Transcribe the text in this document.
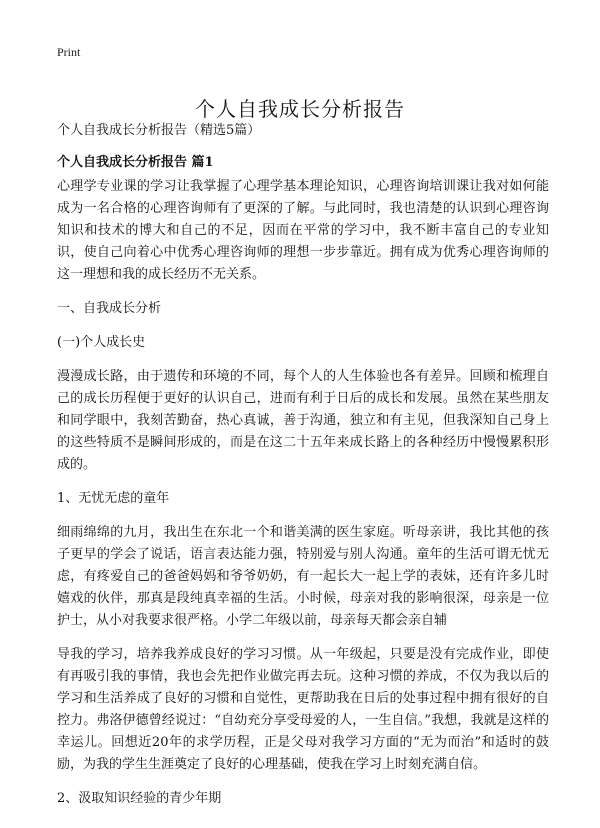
Print
个人自我成长分析报告

个人自我成长分析报告（精选5篇）

个人自我成长分析报告 篇1

心理学专业课的学习让我掌握了心理学基本理论知识，心理咨询培训课让我对如何能成为一名合格的心理咨询师有了更深的了解。与此同时，我也清楚的认识到心理咨询知识和技术的博大和自己的不足，因而在平常的学习中，我不断丰富自己的专业知识，使自己向着心中优秀心理咨询师的理想一步步靠近。拥有成为优秀心理咨询师的这一理想和我的成长经历不无关系。

一、自我成长分析

(一)个人成长史

漫漫成长路，由于遗传和环境的不同，每个人的人生体验也各有差异。回顾和梳理自己的成长历程便于更好的认识自己，进而有利于日后的成长和发展。虽然在某些朋友和同学眼中，我刻苦勤奋，热心真诚，善于沟通，独立和有主见，但我深知自己身上的这些特质不是瞬间形成的，而是在这二十五年来成长路上的各种经历中慢慢累积形成的。

1、无忧无虑的童年

细雨绵绵的九月，我出生在东北一个和谐美满的医生家庭。听母亲讲，我比其他的孩子更早的学会了说话，语言表达能力强，特别爱与别人沟通。童年的生活可谓无忧无虑，有疼爱自己的爸爸妈妈和爷爷奶奶，有一起长大一起上学的表妹，还有许多儿时嬉戏的伙伴，那真是段纯真幸福的生活。小时候，母亲对我的影响很深，母亲是一位护士，从小对我要求很严格。小学二年级以前，母亲每天都会亲自辅

导我的学习，培养我养成良好的学习习惯。从一年级起，只要是没有完成作业，即使有再吸引我的事情，我也会先把作业做完再去玩。这种习惯的养成，不仅为我以后的学习和生活养成了良好的习惯和自觉性，更帮助我在日后的处事过程中拥有很好的自控力。弗洛伊德曾经说过：“自幼充分享受母爱的人，一生自信。”我想，我就是这样的幸运儿。回想近20年的求学历程，正是父母对我学习方面的“无为而治”和适时的鼓励，为我的学生生涯奠定了良好的心理基础，使我在学习上时刻充满自信。

2、汲取知识经验的青少年期
